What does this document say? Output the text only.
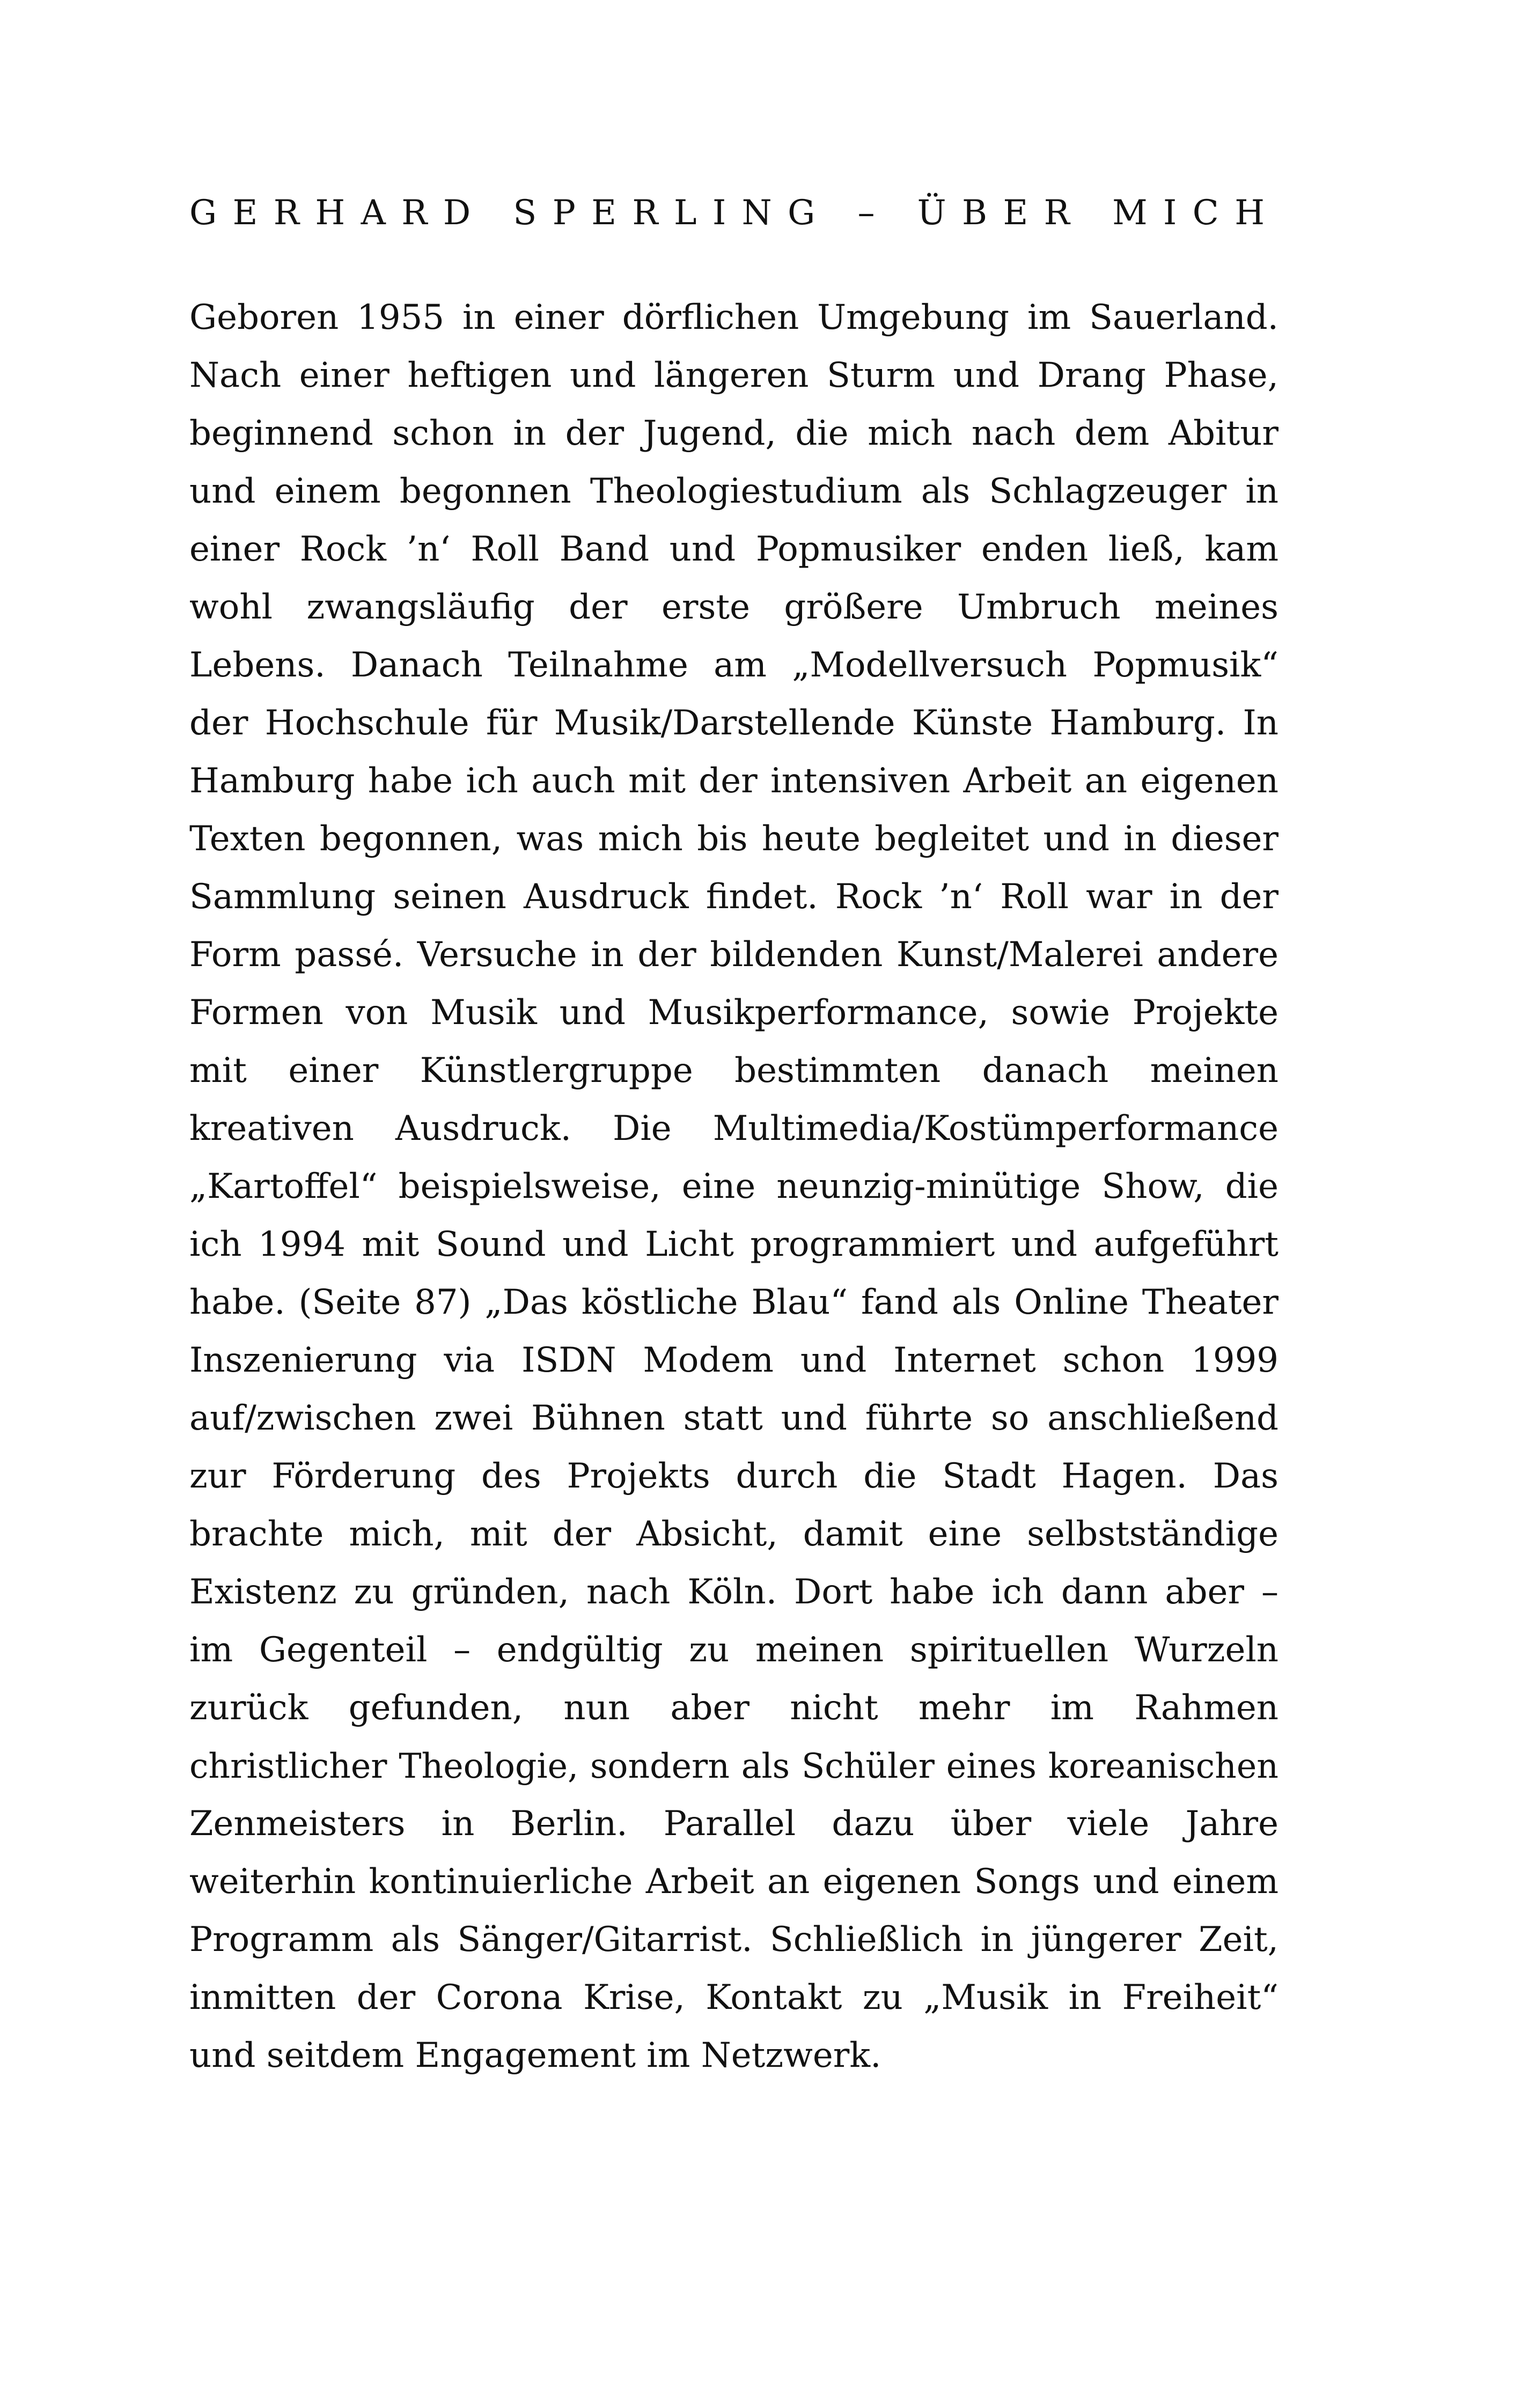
GERHARD SPERLING – ÜBER MICH
Geboren 1955 in einer dörflichen Umgebung im Sauerland.
Nach einer heftigen und längeren Sturm und Drang Phase,
beginnend schon in der Jugend, die mich nach dem Abitur
und einem begonnen Theologiestudium als Schlagzeuger in
einer Rock ’n‘ Roll Band und Popmusiker enden ließ, kam
wohl zwangsläufig der erste größere Umbruch meines
Lebens. Danach Teilnahme am „Modellversuch Popmusik“
der Hochschule für Musik/Darstellende Künste Hamburg. In
Hamburg habe ich auch mit der intensiven Arbeit an eigenen
Texten begonnen, was mich bis heute begleitet und in dieser
Sammlung seinen Ausdruck findet. Rock ’n‘ Roll war in der
Form passé. Versuche in der bildenden Kunst/Malerei andere
Formen von Musik und Musikperformance, sowie Projekte
mit einer Künstlergruppe bestimmten danach meinen
kreativen Ausdruck. Die Multimedia/Kostümperformance
„Kartoffel“ beispielsweise, eine neunzig-minütige Show, die
ich 1994 mit Sound und Licht programmiert und aufgeführt
habe. (Seite 87) „Das köstliche Blau“ fand als Online Theater
Inszenierung via ISDN Modem und Internet schon 1999
auf/zwischen zwei Bühnen statt und führte so anschließend
zur Förderung des Projekts durch die Stadt Hagen. Das
brachte mich, mit der Absicht, damit eine selbstständige
Existenz zu gründen, nach Köln. Dort habe ich dann aber –
im Gegenteil – endgültig zu meinen spirituellen Wurzeln
zurück gefunden, nun aber nicht mehr im Rahmen
christlicher Theologie, sondern als Schüler eines koreanischen
Zenmeisters in Berlin. Parallel dazu über viele Jahre
weiterhin kontinuierliche Arbeit an eigenen Songs und einem
Programm als Sänger/Gitarrist. Schließlich in jüngerer Zeit,
inmitten der Corona Krise, Kontakt zu „Musik in Freiheit“
und seitdem Engagement im Netzwerk.
